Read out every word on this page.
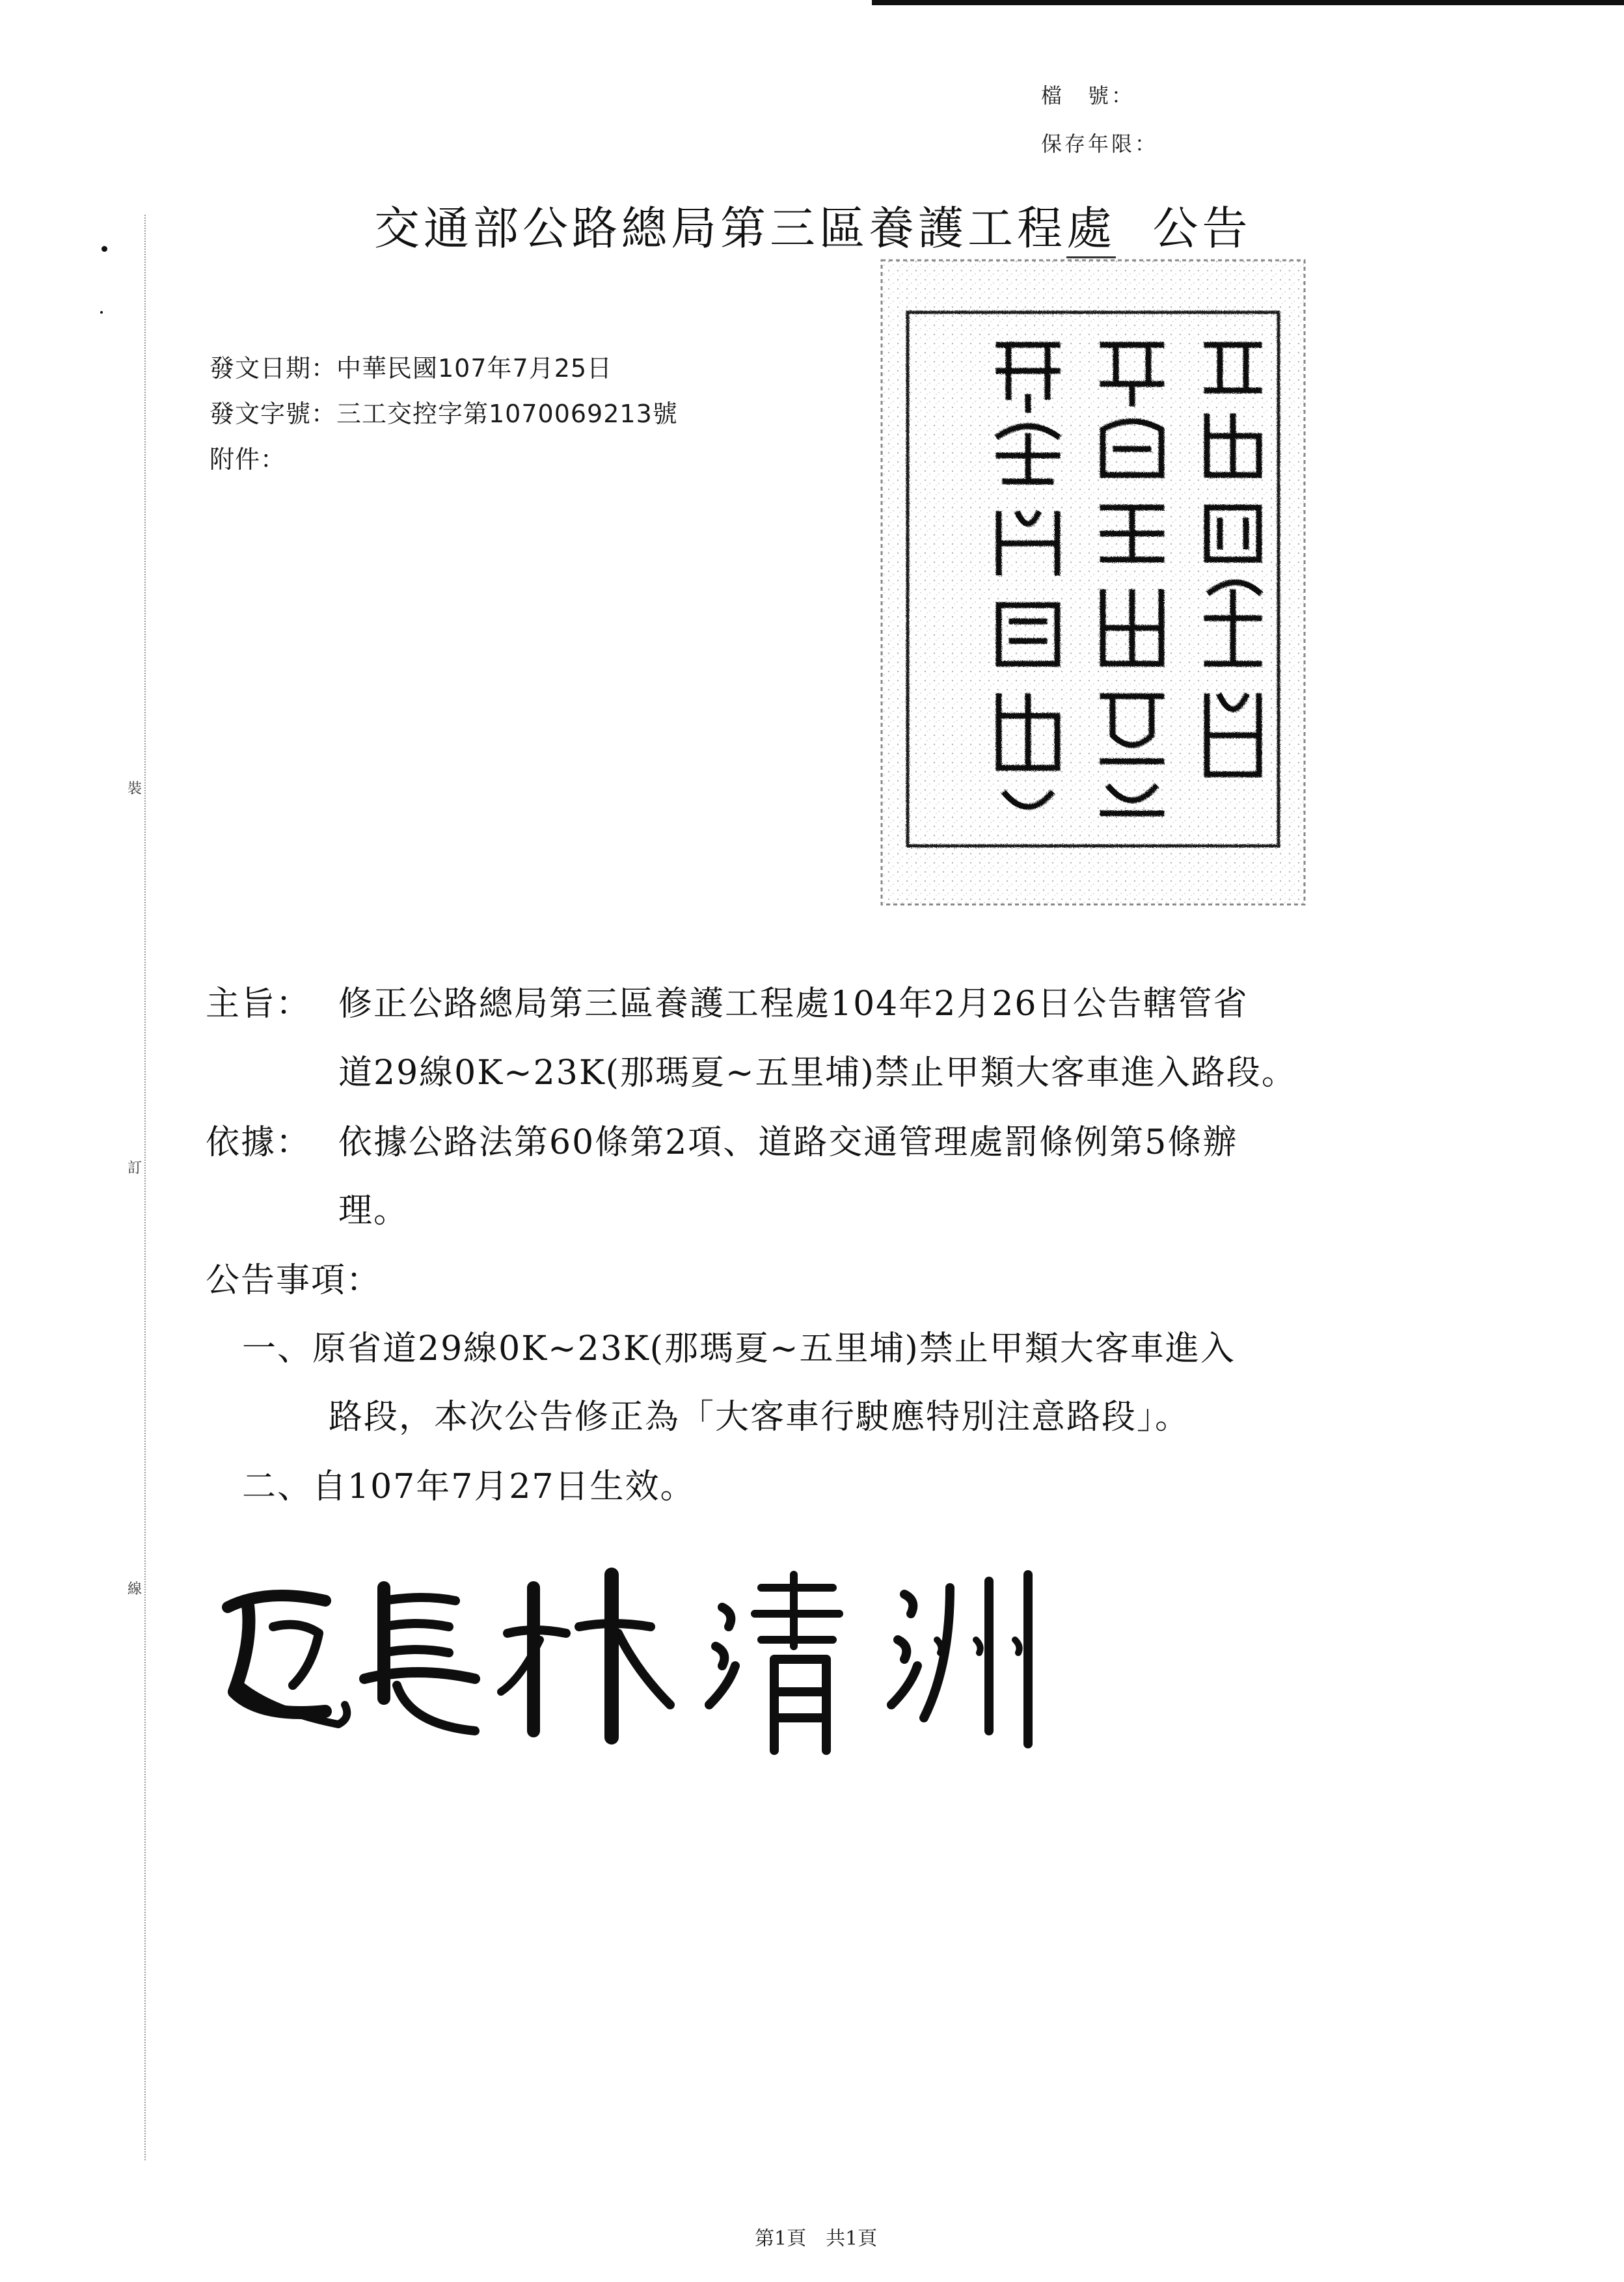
裝
訂
線
檔　號：
保存年限：
交通部公路總局第三區養護工程處 公告
發文日期：中華民國107年7月25日
發文字號：三工交控字第1070069213號
附件：
主旨： 修正公路總局第三區養護工程處104年2月26日公告轄管省
道29線0K~23K(那瑪夏~五里埔)禁止甲類大客車進入路段。
依據： 依據公路法第60條第2項、道路交通管理處罰條例第5條辦
理。
公告事項：
一、原省道29線0K~23K(那瑪夏~五里埔)禁止甲類大客車進入
路段，本次公告修正為「大客車行駛應特別注意路段」。
二、自107年7月27日生效。
第1頁　共1頁
